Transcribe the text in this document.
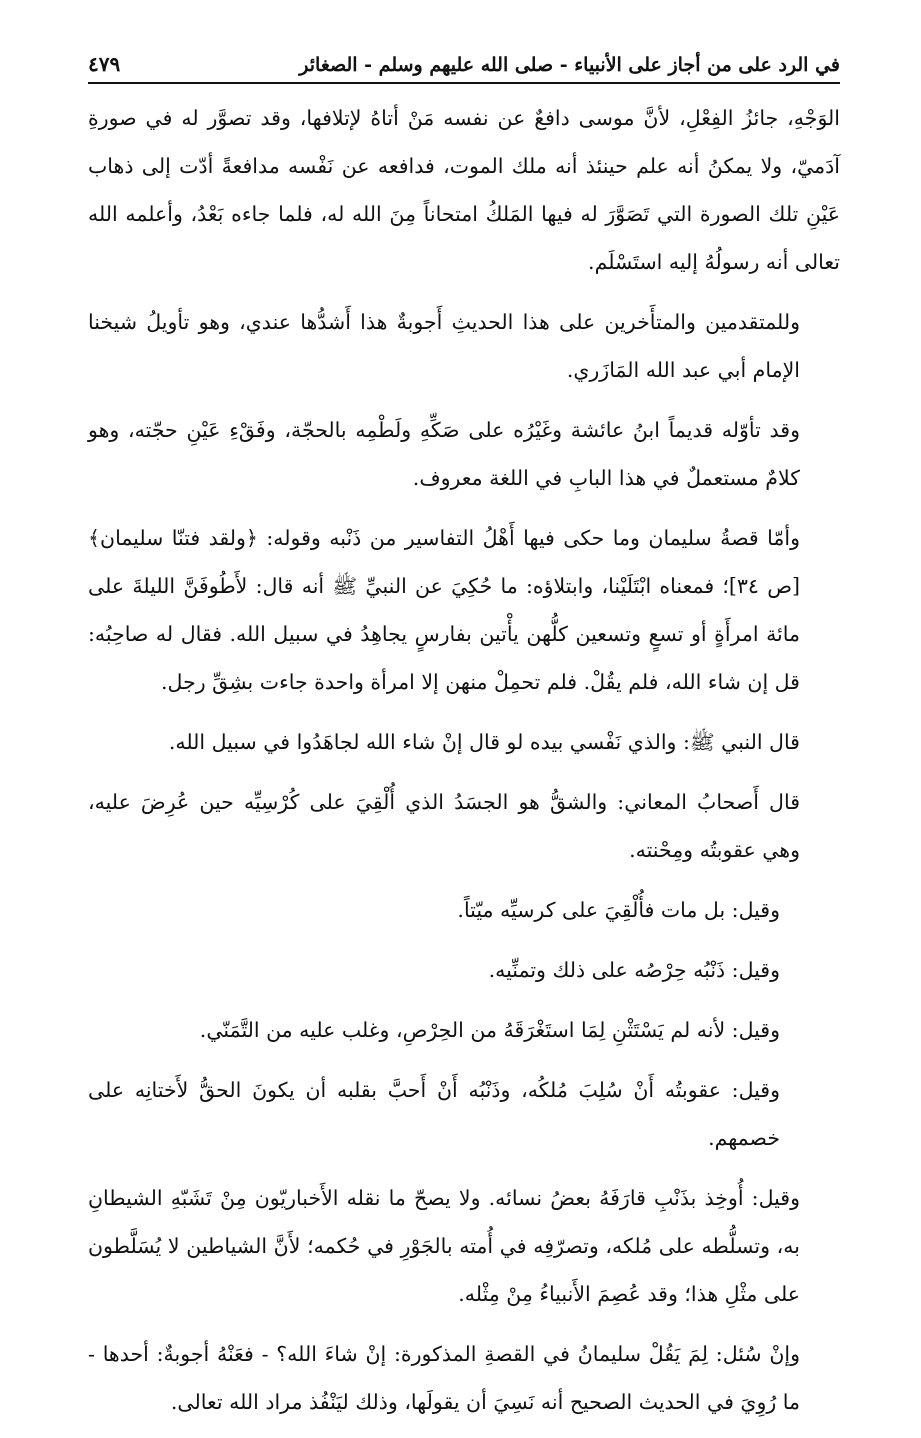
في الرد على من أجاز على الأنبياء - صلى الله عليهم وسلم - الصغائر
٤٧٩

الوَجْهِ، جائزُ الفِعْلِ، لأنَّ موسى دافعٌ عن نفسه مَنْ أتاهُ لإتلافها، وقد تصوَّر له في صورةِ آدَميّ، ولا يمكنُ أنه علم حينئذ أنه ملك الموت، فدافعه عن نَفْسه مدافعةً أدّت إلى ذهاب عَيْنِ تلك الصورة التي تَصَوَّرَ له فيها المَلكُ امتحاناً مِنَ الله له، فلما جاءه بَعْدُ، وأعلمه الله تعالى أنه رسولُهُ إليه استَسْلَم.

وللمتقدمين والمتأَخرين على هذا الحديثِ أَجوبةٌ هذا أَشدُّها عندي، وهو تأويلُ شيخنا الإمام أبي عبد الله المَازَري.

وقد تأوّله قديماً ابنُ عائشة وغَيْرُه على صَكِّهِ ولَطْمِه بالحجّة، وفَقْءِ عَيْنِ حجّته، وهو كلامٌ مستعملٌ في هذا البابِ في اللغة معروف.

وأمّا قصةُ سليمان وما حكى فيها أَهْلُ التفاسير من ذَنْبه وقوله: ﴿ولقد فتنّا سليمان﴾ [ص ٣٤]؛ فمعناه ابْتَلَيْنا، وابتلاؤه: ما حُكِيَ عن النبيِّ ﷺ أنه قال: لأَطُوفَنَّ الليلةَ على مائة امرأَةٍ أو تسعٍ وتسعين كلُّهن يأْتين بفارسٍ يجاهِدُ في سبيل الله. فقال له صاحِبُه: قل إن شاء الله، فلم يقُلْ. فلم تحمِلْ منهن إلا امرأة واحدة جاءت بشِقِّ رجل.

قال النبي ﷺ: والذي نَفْسي بيده لو قال إنْ شاء الله لجاهَدُوا في سبيل الله.

قال أَصحابُ المعاني: والشقُّ هو الجسَدُ الذي أُلْقِيَ على كُرْسِيِّه حين عُرِضَ عليه، وهي عقوبتُه ومِحْنته.

وقيل: بل مات فأُلْقِيَ على كرسيِّه ميّتاً.

وقيل: ذَنْبُه حِرْصُه على ذلك وتمنِّيه.

وقيل: لأنه لم يَسْتَثْنِ لِمَا استَغْرَقَهُ من الحِرْصِ، وغلب عليه من التَّمَنّي.

وقيل: عقوبتُه أَنْ سُلِبَ مُلكُه، وذَنْبُه أَنْ أَحبَّ بقلبه أن يكونَ الحقُّ لأَختانِه على خصمهم.

وقيل: أُوخِذ بذَنْبِ قارَفَهُ بعضُ نسائه. ولا يصحّ ما نقله الأَخباريّون مِنْ تَشَبّهِ الشيطانِ به، وتسلُّطه على مُلكه، وتصرّفِه في أُمته بالجَوْرِ في حُكمه؛ لأَنَّ الشياطين لا يُسَلَّطون على مثْلِ هذا؛ وقد عُصِمَ الأَنبياءُ مِنْ مِثْله.

وإنْ سُئل: لِمَ يَقُلْ سليمانُ في القصةِ المذكورة: إنْ شاءَ الله؟ - فعَنْهُ أجوبةٌ: أحدها - ما رُوِيَ في الحديث الصحيح أنه نَسِيَ أن يقولَها، وذلك ليَنْفُذ مراد الله تعالى.
